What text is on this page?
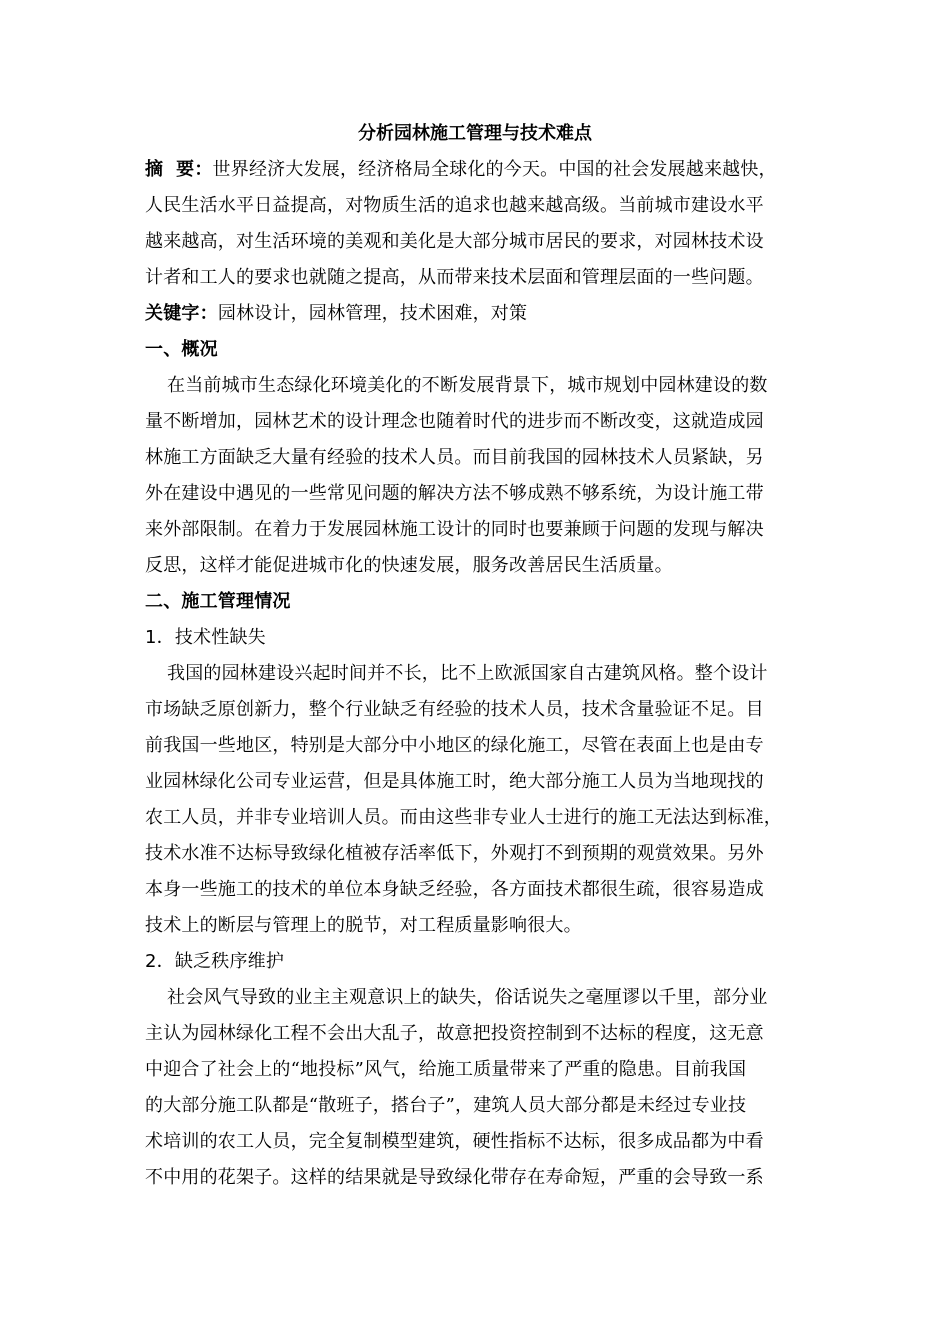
分析园林施工管理与技术难点
摘  要：世界经济大发展，经济格局全球化的今天。中国的社会发展越来越快，
人民生活水平日益提高，对物质生活的追求也越来越高级。当前城市建设水平
越来越高，对生活环境的美观和美化是大部分城市居民的要求，对园林技术设
计者和工人的要求也就随之提高，从而带来技术层面和管理层面的一些问题。
关键字：园林设计，园林管理，技术困难，对策
一、概况
在当前城市生态绿化环境美化的不断发展背景下，城市规划中园林建设的数
量不断增加，园林艺术的设计理念也随着时代的进步而不断改变，这就造成园
林施工方面缺乏大量有经验的技术人员。而目前我国的园林技术人员紧缺，另
外在建设中遇见的一些常见问题的解决方法不够成熟不够系统，为设计施工带
来外部限制。在着力于发展园林施工设计的同时也要兼顾于问题的发现与解决
反思，这样才能促进城市化的快速发展，服务改善居民生活质量。
二、施工管理情况
1．技术性缺失
我国的园林建设兴起时间并不长，比不上欧派国家自古建筑风格。整个设计
市场缺乏原创新力，整个行业缺乏有经验的技术人员，技术含量验证不足。目
前我国一些地区，特别是大部分中小地区的绿化施工，尽管在表面上也是由专
业园林绿化公司专业运营，但是具体施工时，绝大部分施工人员为当地现找的
农工人员，并非专业培训人员。而由这些非专业人士进行的施工无法达到标准，
技术水准不达标导致绿化植被存活率低下，外观打不到预期的观赏效果。另外
本身一些施工的技术的单位本身缺乏经验，各方面技术都很生疏，很容易造成
技术上的断层与管理上的脱节，对工程质量影响很大。
2．缺乏秩序维护
社会风气导致的业主主观意识上的缺失，俗话说失之毫厘谬以千里，部分业
主认为园林绿化工程不会出大乱子，故意把投资控制到不达标的程度，这无意
中迎合了社会上的“地投标”风气，给施工质量带来了严重的隐患。目前我国
的大部分施工队都是“散班子，搭台子”，建筑人员大部分都是未经过专业技
术培训的农工人员，完全复制模型建筑，硬性指标不达标，很多成品都为中看
不中用的花架子。这样的结果就是导致绿化带存在寿命短，严重的会导致一系
